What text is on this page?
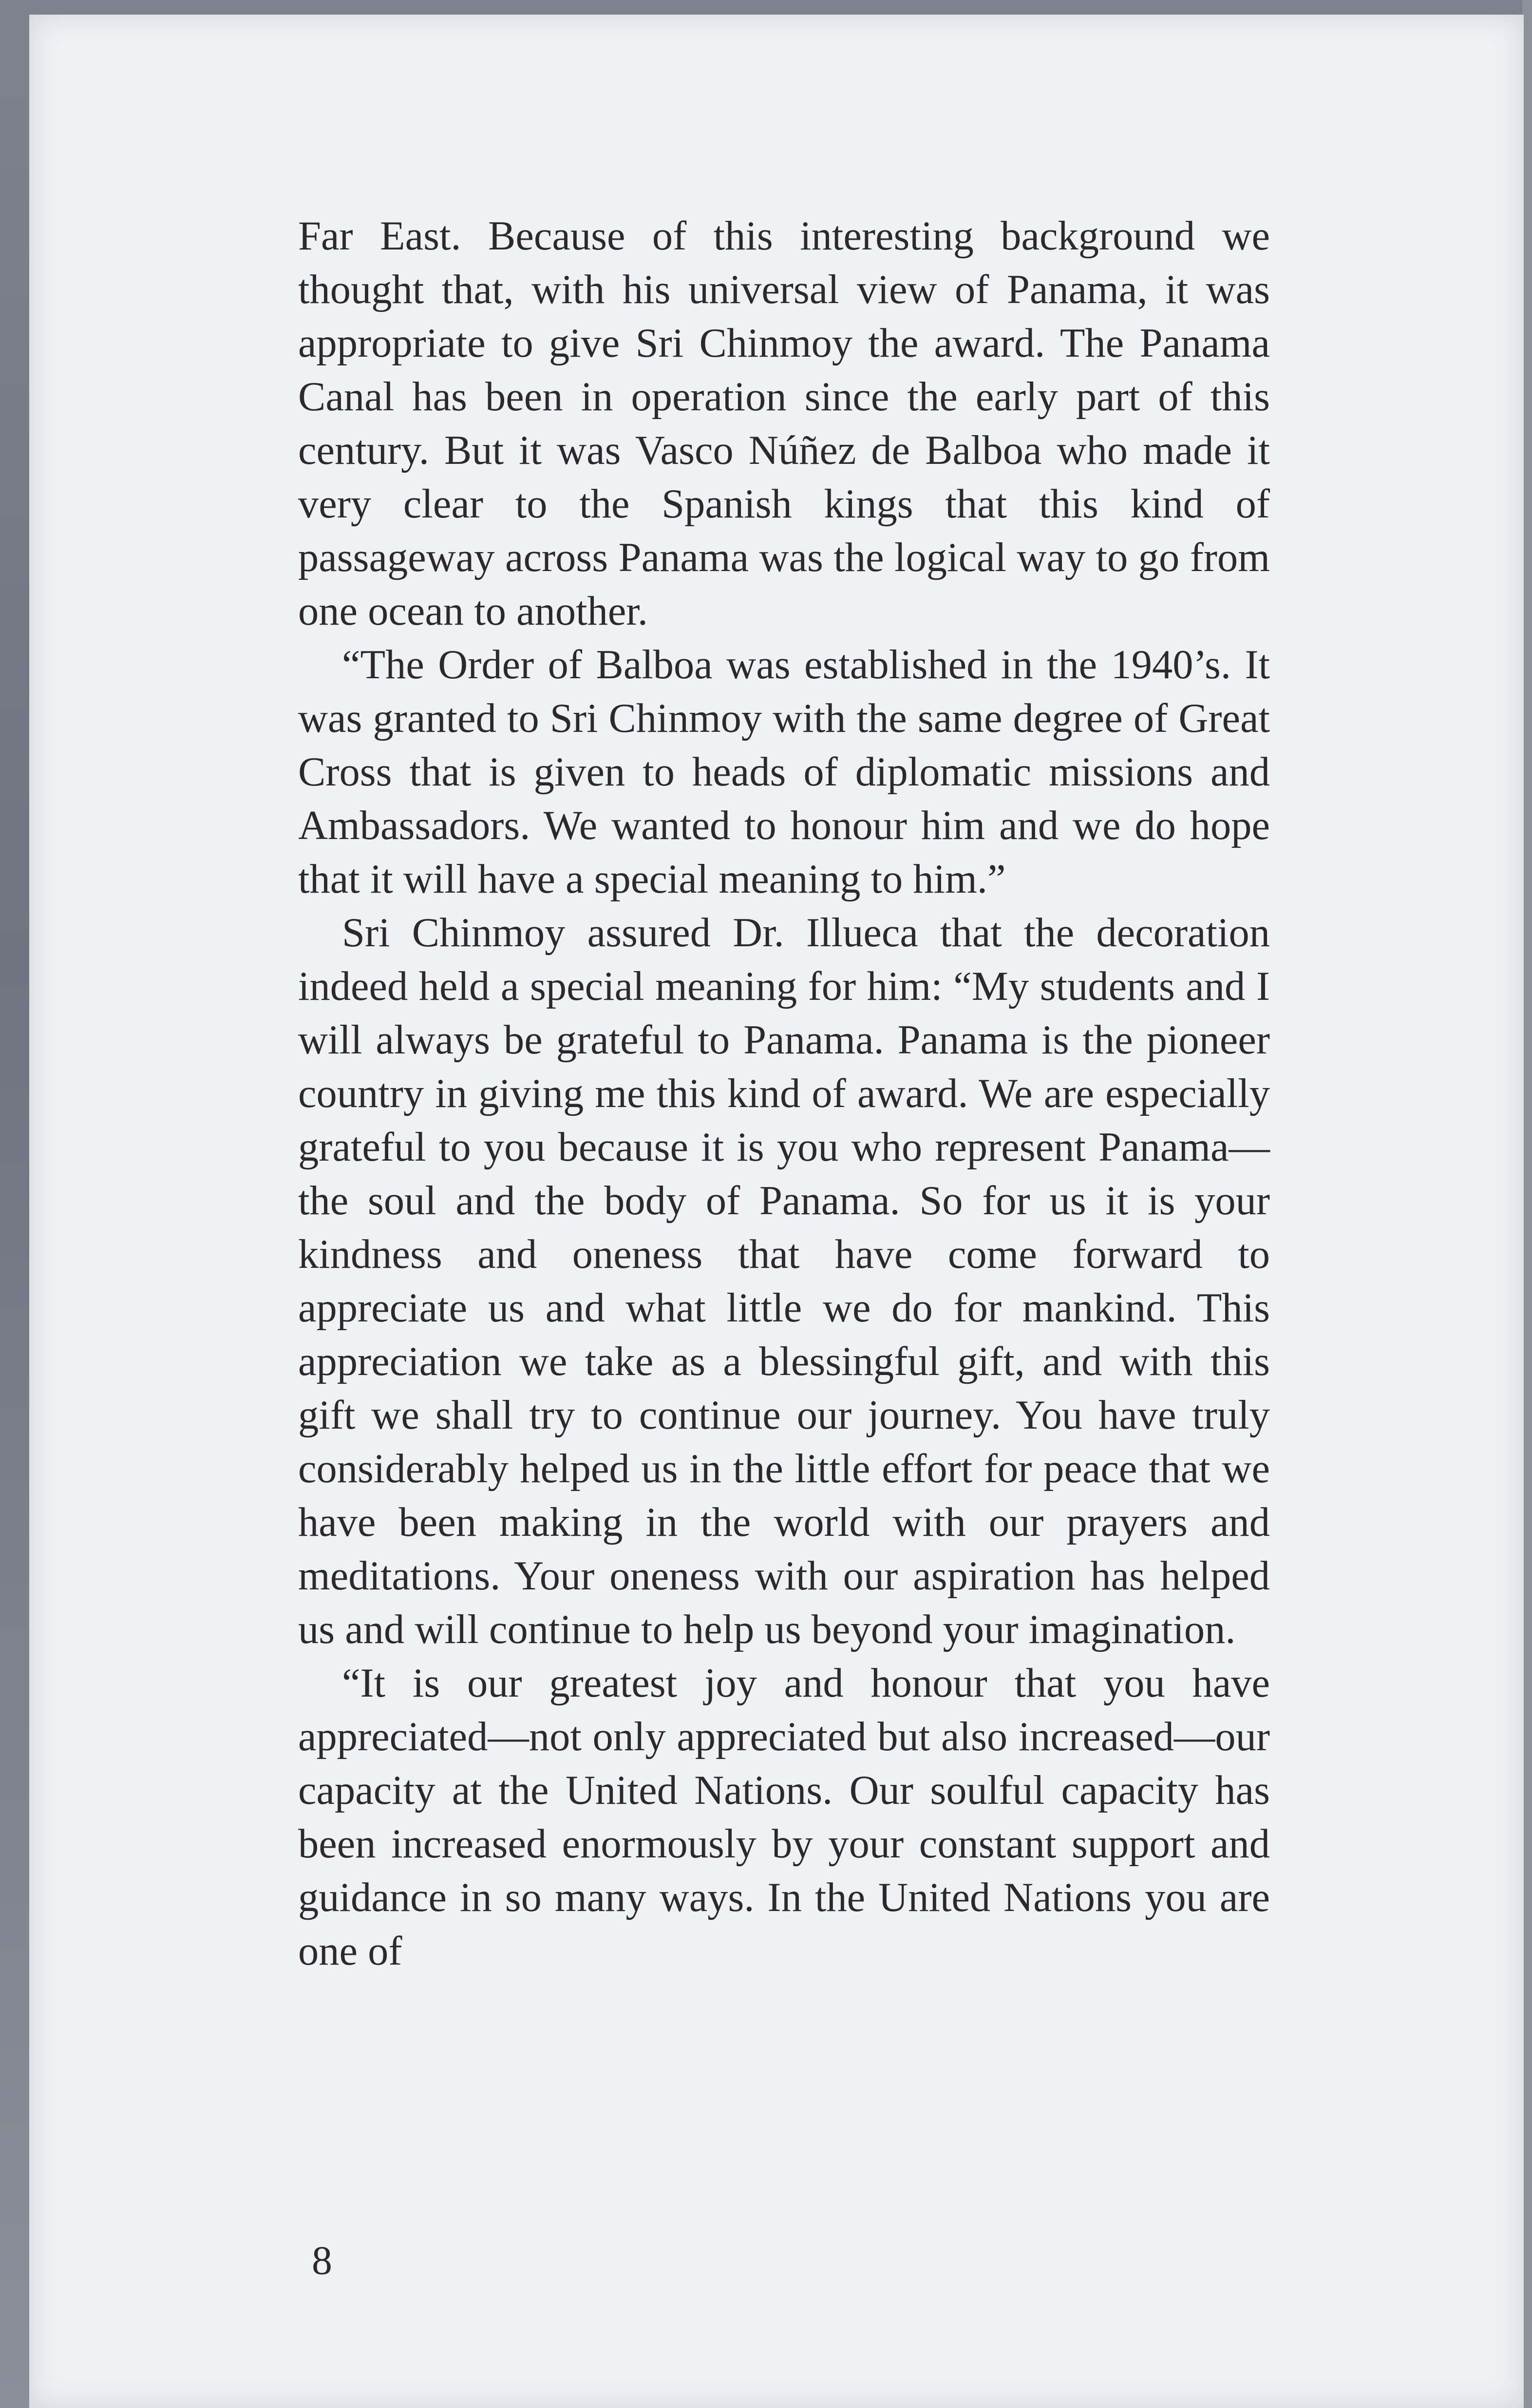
Far East. Because of this interesting background we thought that, with his universal view of Panama, it was appropriate to give Sri Chinmoy the award. The Panama Canal has been in operation since the early part of this century. But it was Vasco Núñez de Balboa who made it very clear to the Spanish kings that this kind of passageway across Panama was the logical way to go from one ocean to another.

“The Order of Balboa was established in the 1940’s. It was granted to Sri Chinmoy with the same degree of Great Cross that is given to heads of diplomatic missions and Ambassadors. We wanted to honour him and we do hope that it will have a special meaning to him.”

Sri Chinmoy assured Dr. Illueca that the decoration indeed held a special meaning for him: “My students and I will always be grateful to Panama. Panama is the pioneer country in giving me this kind of award. We are especially grateful to you because it is you who represent Panama—the soul and the body of Panama. So for us it is your kindness and oneness that have come forward to appreciate us and what little we do for mankind. This appreciation we take as a blessingful gift, and with this gift we shall try to continue our journey. You have truly considerably helped us in the little effort for peace that we have been making in the world with our prayers and meditations. Your oneness with our aspiration has helped us and will continue to help us beyond your imagination.

“It is our greatest joy and honour that you have appreciated—not only appreciated but also increased—our capacity at the United Nations. Our soulful capacity has been increased enormously by your constant support and guidance in so many ways. In the United Nations you are one of

8
